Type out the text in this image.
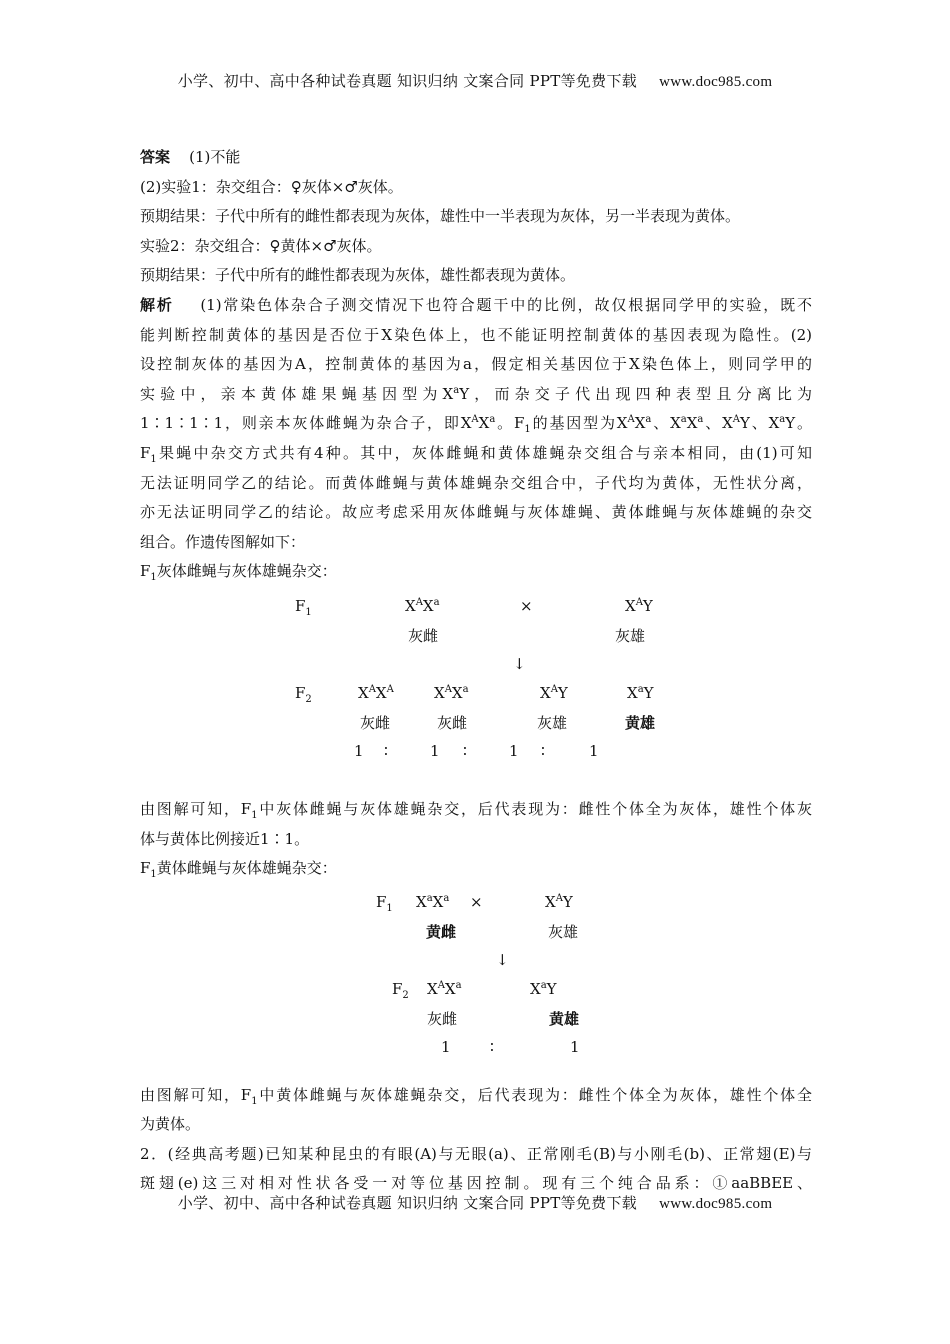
小学、初中、高中各种试卷真题 知识归纳 文案合同 PPT等免费下载 www.doc985.com

答案 (1)不能

(2)实验1：杂交组合：♀灰体×♂灰体。

预期结果：子代中所有的雌性都表现为灰体，雄性中一半表现为灰体，另一半表现为黄体。

实验2：杂交组合：♀黄体×♂灰体。

预期结果：子代中所有的雌性都表现为灰体，雄性都表现为黄体。

解析 (1)常染色体杂合子测交情况下也符合题干中的比例，故仅根据同学甲的实验，既不

能判断控制黄体的基因是否位于X染色体上，也不能证明控制黄体的基因表现为隐性。(2)

设控制灰体的基因为A，控制黄体的基因为a，假定相关基因位于X染色体上，则同学甲的

实验中，亲本黄体雄果蝇基因型为$X^aY$，而杂交子代出现四种表型且分离比为

1∶1∶1∶1，则亲本灰体雌蝇为杂合子，即$X^AX^a$。$F_1$的基因型为$X^AX^a$、$X^aX^a$、$X^AY$、$X^aY$。

$F_1$果蝇中杂交方式共有4种。其中，灰体雌蝇和黄体雄蝇杂交组合与亲本相同，由(1)可知

无法证明同学乙的结论。而黄体雌蝇与黄体雄蝇杂交组合中，子代均为黄体，无性状分离，

亦无法证明同学乙的结论。故应考虑采用灰体雌蝇与灰体雄蝇、黄体雌蝇与灰体雄蝇的杂交

组合。作遗传图解如下：

$F_1$灰体雌蝇与灰体雄蝇杂交：

$F_1$	$X^AX^a$	×	$X^AY$
灰雌	灰雄
↓
$F_2$	$X^AX^A$	$X^AX^a$	$X^AY$	$X^aY$
灰雌	灰雌	灰雄	黄雄
1 ∶	1 ∶	1 ∶	1

由图解可知，$F_1$中灰体雌蝇与灰体雄蝇杂交，后代表现为：雌性个体全为灰体，雄性个体灰

体与黄体比例接近1∶1。

$F_1$黄体雌蝇与灰体雄蝇杂交：

$F_1$ $X^aX^a$ ×	$X^AY$
黄雌	灰雄
↓
$F_2$ $X^AX^a$	$X^aY$
灰雌	黄雄
1	∶	1

由图解可知，$F_1$中黄体雌蝇与灰体雄蝇杂交，后代表现为：雌性个体全为灰体，雄性个体全

为黄体。

2．(经典高考题)已知某种昆虫的有眼(A)与无眼(a)、正常刚毛(B)与小刚毛(b)、正常翅(E)与

斑翅(e)这三对相对性状各受一对等位基因控制。现有三个纯合品系：①aaBBEE、

小学、初中、高中各种试卷真题 知识归纳 文案合同 PPT等免费下载 www.doc985.com
